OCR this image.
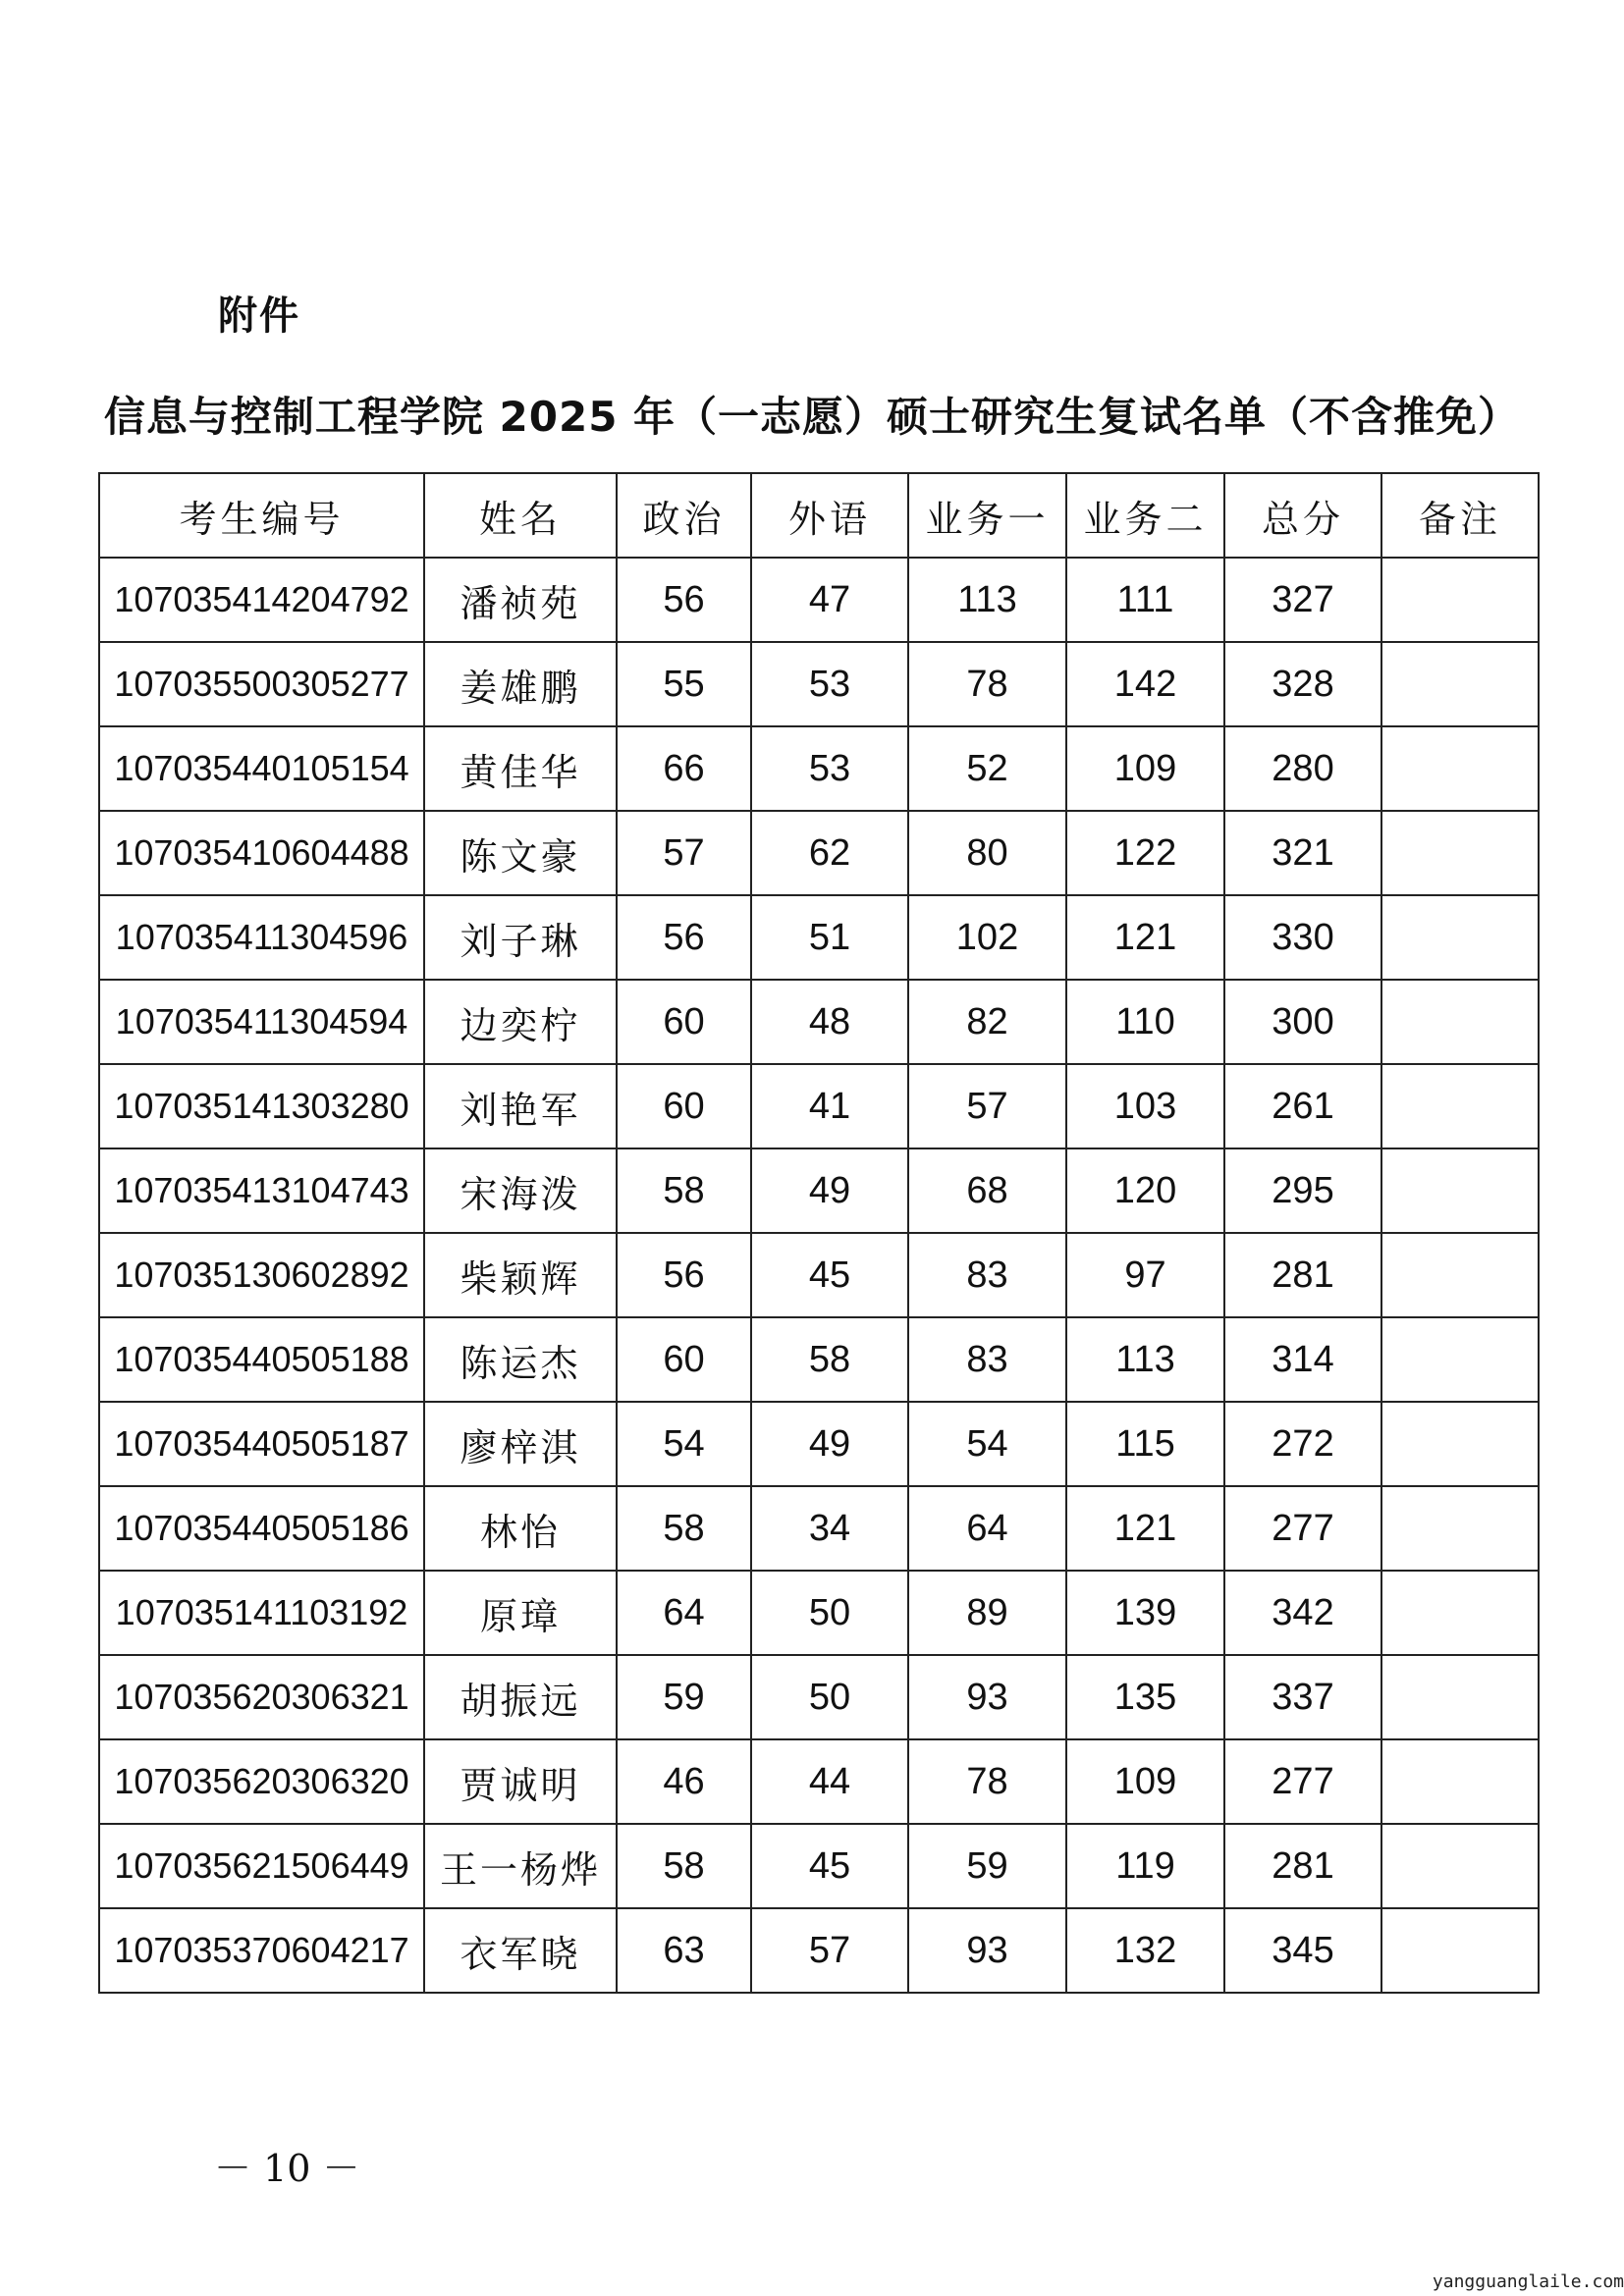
附件
信息与控制工程学院 2025 年（一志愿）硕士研究生复试名单（不含推免）
考生编号	姓名	政治	外语	业务一	业务二	总分	备注
107035414204792	潘祯苑	56	47	113	111	327	
107035500305277	姜雄鹏	55	53	78	142	328	
107035440105154	黄佳华	66	53	52	109	280	
107035410604488	陈文豪	57	62	80	122	321	
107035411304596	刘子琳	56	51	102	121	330	
107035411304594	边奕柠	60	48	82	110	300	
107035141303280	刘艳军	60	41	57	103	261	
107035413104743	宋海泼	58	49	68	120	295	
107035130602892	柴颖辉	56	45	83	97	281	
107035440505188	陈运杰	60	58	83	113	314	
107035440505187	廖梓淇	54	49	54	115	272	
107035440505186	林怡	58	34	64	121	277	
107035141103192	原璋	64	50	89	139	342	
107035620306321	胡振远	59	50	93	135	337	
107035620306320	贾诚明	46	44	78	109	277	
107035621506449	王一杨烨	58	45	59	119	281	
107035370604217	衣军晓	63	57	93	132	345	
－ 10 －
yangguanglaile.com
